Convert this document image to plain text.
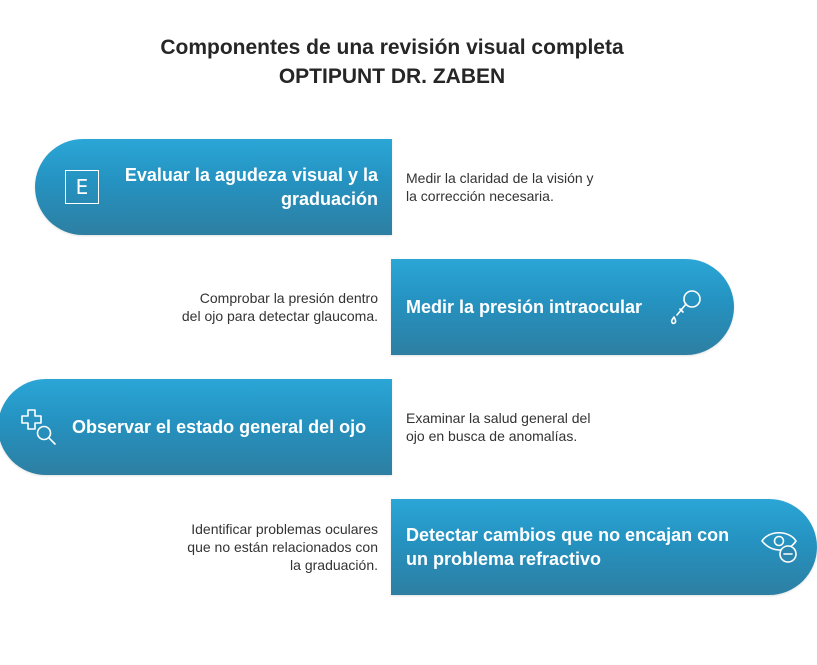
Componentes de una revisión visual completa
OPTIPUNT DR. ZABEN
E	Evaluar la agudeza visual y la
graduación
Medir la claridad de la visión y
la corrección necesaria.
Medir la presión intraocular
Comprobar la presión dentro
del ojo para detectar glaucoma.
Observar el estado general del ojo	Examinar la salud general del
ojo en busca de anomalías.
Detectar cambios que no encajan con
un problema refractivo
Identificar problemas oculares
que no están relacionados con
la graduación.
